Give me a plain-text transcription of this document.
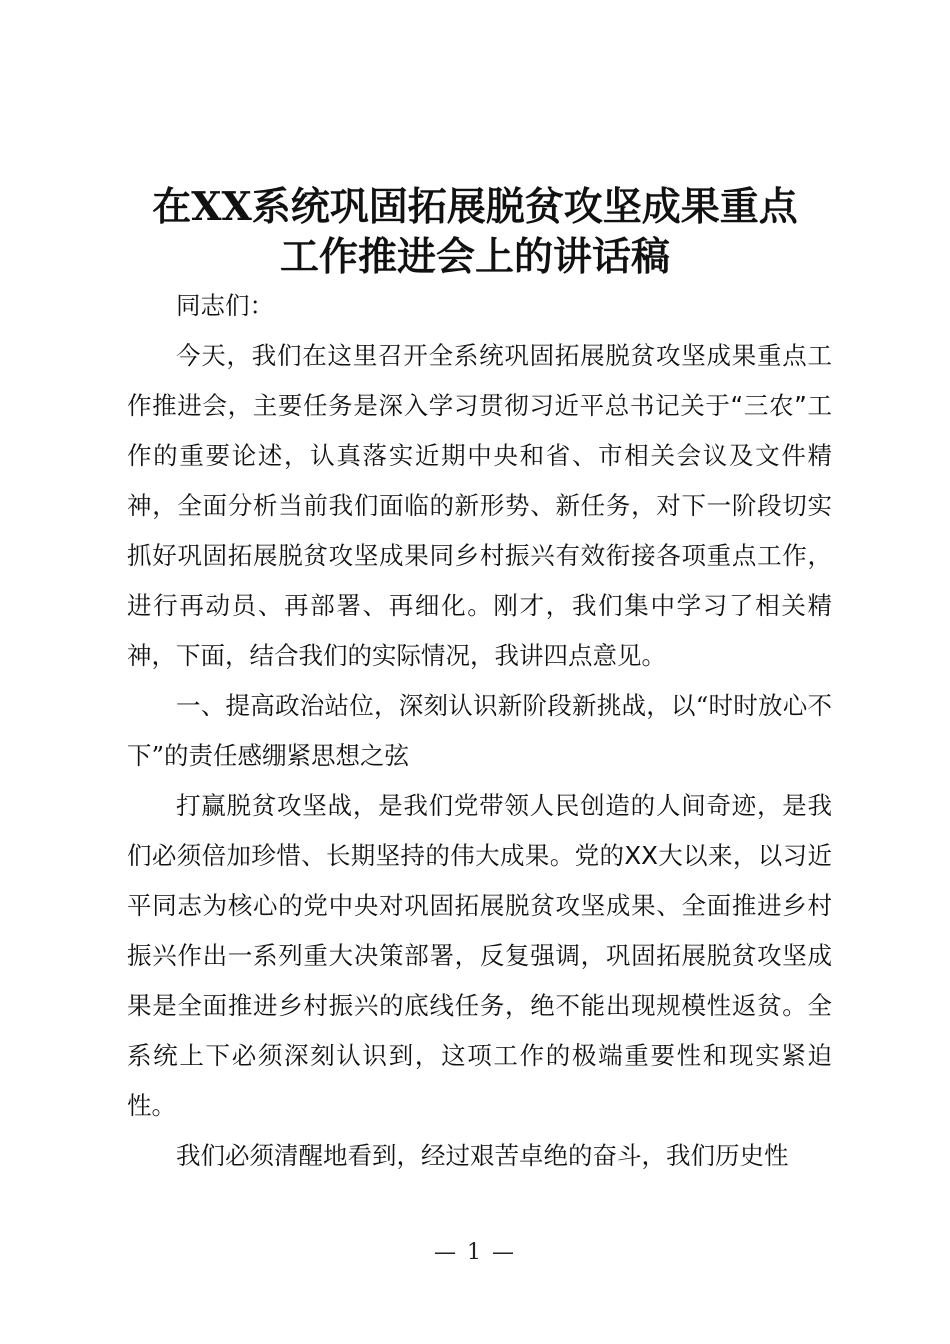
在XX系统巩固拓展脱贫攻坚成果重点
工作推进会上的讲话稿

同志们：

今天，我们在这里召开全系统巩固拓展脱贫攻坚成果重点工作推进会，主要任务是深入学习贯彻习近平总书记关于“三农”工作的重要论述，认真落实近期中央和省、市相关会议及文件精神，全面分析当前我们面临的新形势、新任务，对下一阶段切实抓好巩固拓展脱贫攻坚成果同乡村振兴有效衔接各项重点工作，进行再动员、再部署、再细化。刚才，我们集中学习了相关精神，下面，结合我们的实际情况，我讲四点意见。

一、提高政治站位，深刻认识新阶段新挑战，以“时时放心不下”的责任感绷紧思想之弦

打赢脱贫攻坚战，是我们党带领人民创造的人间奇迹，是我们必须倍加珍惜、长期坚持的伟大成果。党的XX大以来，以习近平同志为核心的党中央对巩固拓展脱贫攻坚成果、全面推进乡村振兴作出一系列重大决策部署，反复强调，巩固拓展脱贫攻坚成果是全面推进乡村振兴的底线任务，绝不能出现规模性返贫。全系统上下必须深刻认识到，这项工作的极端重要性和现实紧迫性。

我们必须清醒地看到，经过艰苦卓绝的奋斗，我们历史性

— 1 —
